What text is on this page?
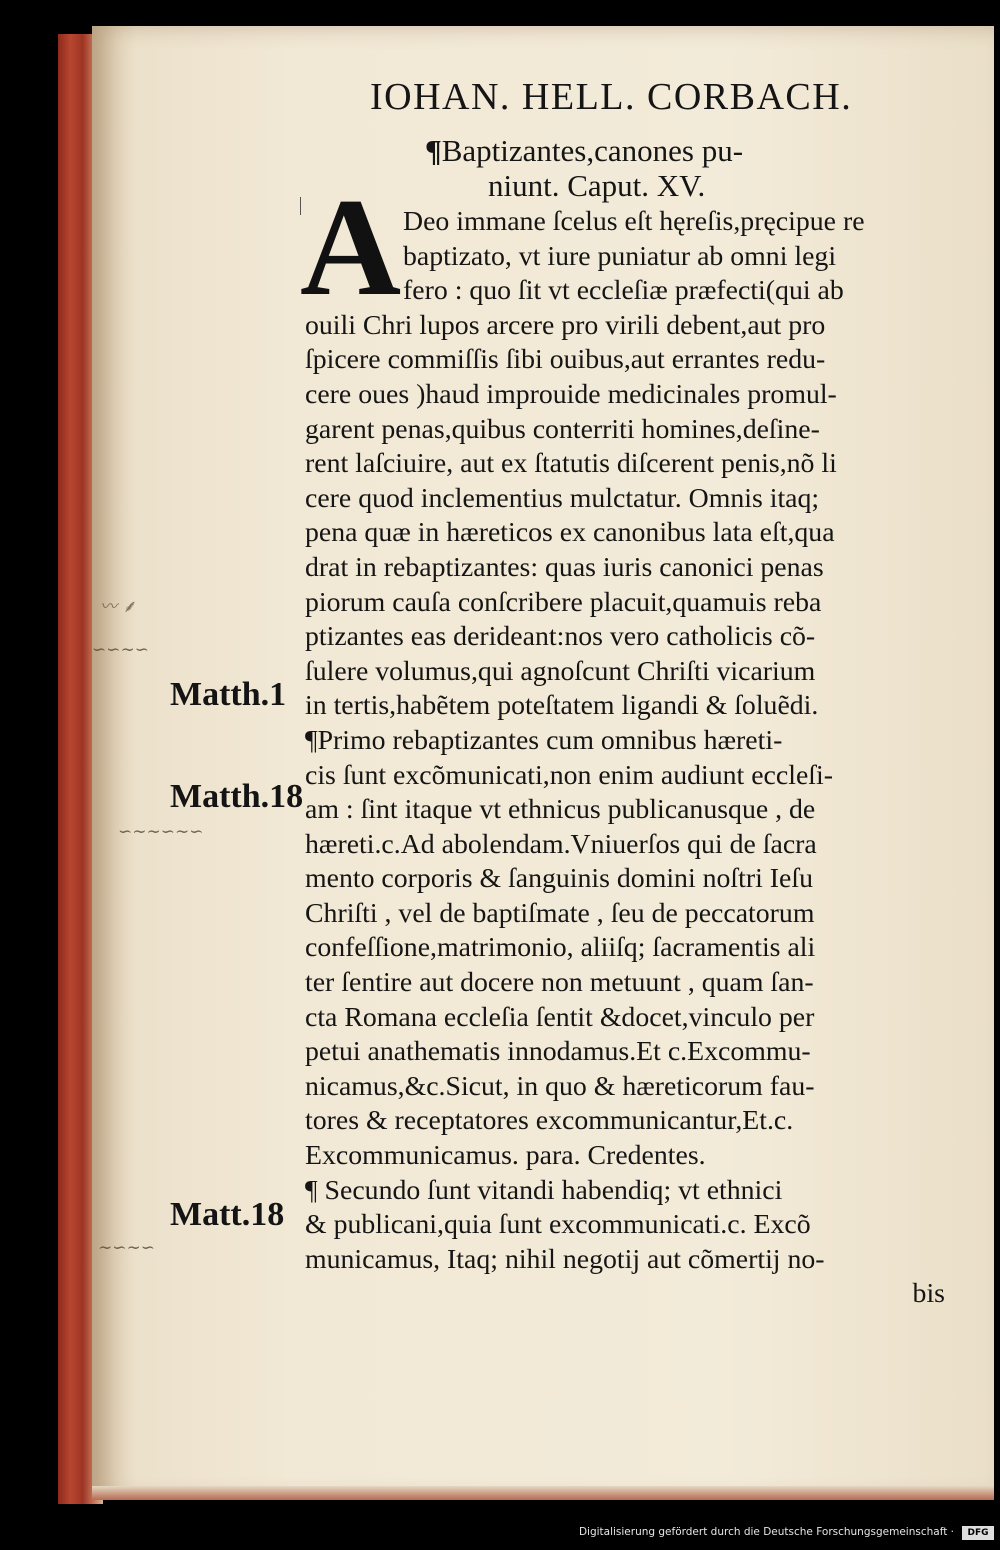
IOHAN. HELL. CORBACH.
¶Baptizantes,canones pu-
niunt. Caput. XV.
A Deo immane ſcelus eſt hęreſis,pręcipue re
baptizato, vt iure puniatur ab omni legi
fero : quo ſit vt eccleſiæ præfecti(qui ab
ouili Chri lupos arcere pro virili debent,aut pro
ſpicere commiſſis ſibi ouibus,aut errantes redu-
cere oues )haud improuide medicinales promul-
garent penas,quibus conterriti homines,deſine-
rent laſciuire, aut ex ſtatutis diſcerent penis,nõ li
cere quod inclementius mulctatur. Omnis itaq;
pena quæ in hæreticos ex canonibus lata eſt,qua
drat in rebaptizantes: quas iuris canonici penas
piorum cauſa conſcribere placuit,quamuis reba
ptizantes eas derideant:nos vero catholicis cõ-
ſulere volumus,qui agnoſcunt Chriſti vicarium
in tertis,habẽtem poteſtatem ligandi & ſoluẽdi.
¶Primo rebaptizantes cum omnibus hæreti-
cis ſunt excõmunicati,non enim audiunt eccleſi-
am : ſint itaque vt ethnicus publicanusque , de
hæreti.c.Ad abolendam.Vniuerſos qui de ſacra
mento corporis & ſanguinis domini noſtri Ieſu
Chriſti , vel de baptiſmate , ſeu de peccatorum
confeſſione,matrimonio, aliiſq; ſacramentis ali
ter ſentire aut docere non metuunt , quam ſan-
cta Romana eccleſia ſentit &docet,vinculo per
petui anathematis innodamus.Et c.Excommu-
nicamus,&c.Sicut, in quo & hæreticorum fau-
tores & receptatores excommunicantur,Et.c.
Excommunicamus. para. Credentes.
¶ Secundo ſunt vitandi habendiq; vt ethnici
& publicani,quia ſunt excommunicati.c. Excõ
municamus, Itaq; nihil negotij aut cõmertij no-
bis
Matth.1
Matth.18
Matt.18
〰 ⸙
∽∽∼∽
∽∼∼∽∼∽
∼∽∼∽
Digitalisierung gefördert durch die Deutsche Forschungsgemeinschaft ·	DFG
